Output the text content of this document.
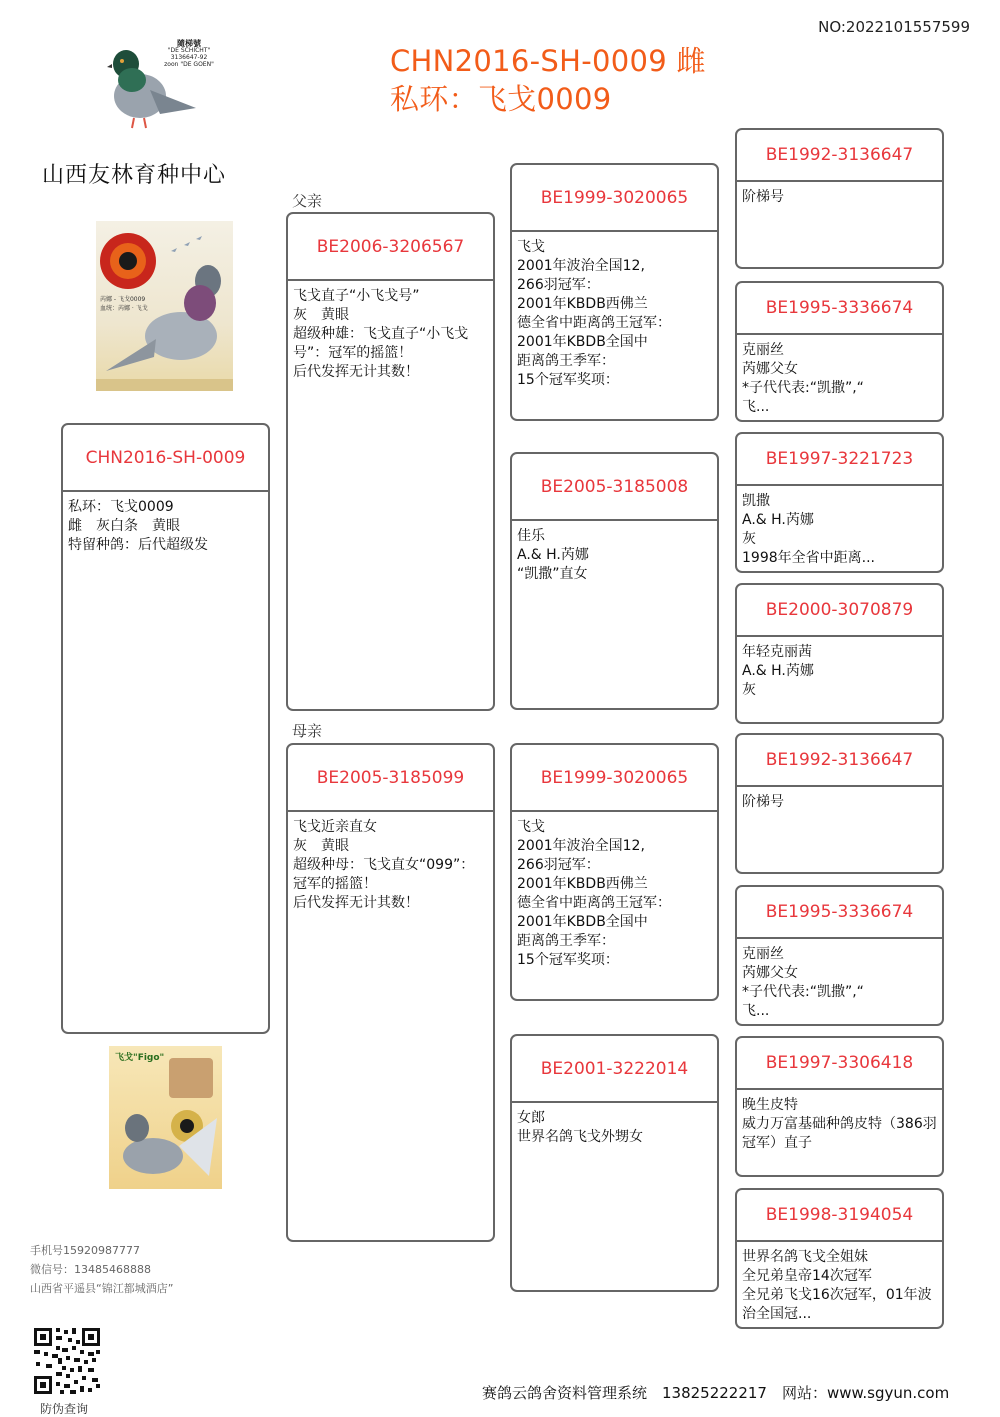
NO:2022101557599
CHN2016-SH-0009 雌
私环：飞戈0009
隨梯號
"DE SCHICHT"
3136647-92
zoon "DE GOEN"
山西友林育种中心
芮娜 - 飞戈0009
血统：芮娜 · 飞戈
父亲
母亲
CHN2016-SH-0009
私环：飞戈0009
雌　灰白条　黄眼
特留种鸽：后代超级发
BE2006-3206567
飞戈直子“小飞戈号”
灰　黄眼
超级种雄：飞戈直子“小飞戈号”：冠军的摇篮！
后代发挥无计其数！
BE2005-3185099
飞戈近亲直女
灰　黄眼
超级种母：飞戈直女“099”：冠军的摇篮！
后代发挥无计其数！
BE1999-3020065
飞戈
2001年波治全国12,
266羽冠军：
2001年KBDB西佛兰
德全省中距离鸽王冠军：
2001年KBDB全国中
距离鸽王季军：
15个冠军奖项：
BE2005-3185008
佳乐
A.& H.芮娜
“凯撒”直女
BE1999-3020065
飞戈
2001年波治全国12,
266羽冠军：
2001年KBDB西佛兰
德全省中距离鸽王冠军：
2001年KBDB全国中
距离鸽王季军：
15个冠军奖项：
BE2001-3222014
女郎
世界名鸽飞戈外甥女
BE1992-3136647
阶梯号
BE1995-3336674
克丽丝
芮娜父女
*子代代表:“凯撒”,“
飞...
BE1997-3221723
凯撒
A.& H.芮娜
灰
1998年全省中距离...
BE2000-3070879
年轻克丽茜
A.& H.芮娜
灰
BE1992-3136647
阶梯号
BE1995-3336674
克丽丝
芮娜父女
*子代代表:“凯撒”,“
飞...
BE1997-3306418
晚生皮特
威力万富基础种鸽皮特（386羽冠军）直子
BE1998-3194054
世界名鸽飞戈全姐妹
全兄弟皇帝14次冠军
全兄弟飞戈16次冠军，01年波治全国冠...
飞戈"Figo"
手机号15920987777
微信号：13485468888
山西省平遥县“锦江都城酒店”
防伪查询
赛鸽云鸽舍资料管理系统　13825222217　网站：www.sgyun.com
